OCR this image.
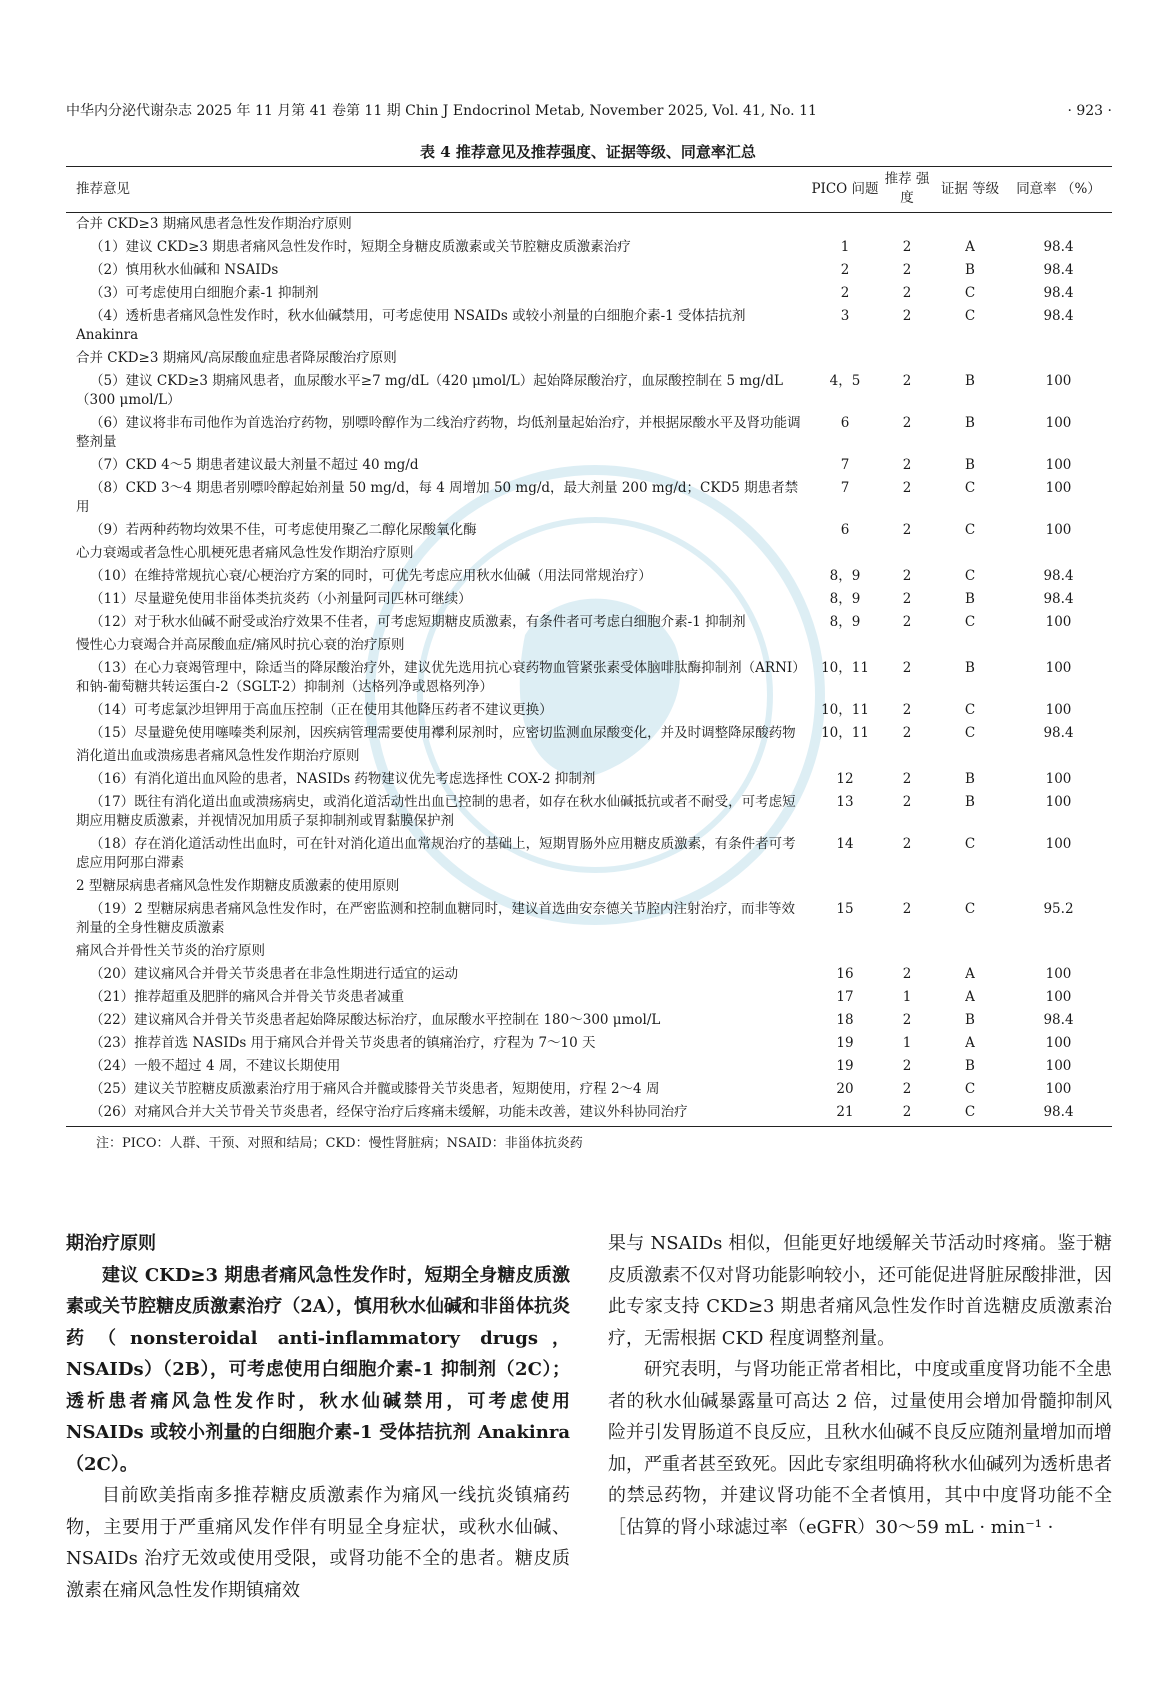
中华内分泌代谢杂志 2025 年 11 月第 41 卷第 11 期 Chin J Endocrinol Metab, November 2025, Vol. 41, No. 11	· 923 ·
表 4 推荐意见及推荐强度、证据等级、同意率汇总
推荐意见	PICO 问题	推荐 强度	证据 等级	同意率 （%）
合并 CKD≥3 期痛风患者急性发作期治疗原则				
（1）建议 CKD≥3 期患者痛风急性发作时，短期全身糖皮质激素或关节腔糖皮质激素治疗	1	2	A	98.4
（2）慎用秋水仙碱和 NSAIDs	2	2	B	98.4
（3）可考虑使用白细胞介素-1 抑制剂	2	2	C	98.4
（4）透析患者痛风急性发作时，秋水仙碱禁用，可考虑使用 NSAIDs 或较小剂量的白细胞介素-1 受体拮抗剂 Anakinra	3	2	C	98.4
合并 CKD≥3 期痛风/高尿酸血症患者降尿酸治疗原则				
（5）建议 CKD≥3 期痛风患者，血尿酸水平≥7 mg/dL（420 μmol/L）起始降尿酸治疗，血尿酸控制在 5 mg/dL（300 μmol/L）	4，5	2	B	100
（6）建议将非布司他作为首选治疗药物，别嘌呤醇作为二线治疗药物，均低剂量起始治疗，并根据尿酸水平及肾功能调整剂量	6	2	B	100
（7）CKD 4～5 期患者建议最大剂量不超过 40 mg/d	7	2	B	100
（8）CKD 3～4 期患者别嘌呤醇起始剂量 50 mg/d，每 4 周增加 50 mg/d，最大剂量 200 mg/d；CKD5 期患者禁用	7	2	C	100
（9）若两种药物均效果不佳，可考虑使用聚乙二醇化尿酸氧化酶	6	2	C	100
心力衰竭或者急性心肌梗死患者痛风急性发作期治疗原则				
（10）在维持常规抗心衰/心梗治疗方案的同时，可优先考虑应用秋水仙碱（用法同常规治疗）	8，9	2	C	98.4
（11）尽量避免使用非甾体类抗炎药（小剂量阿司匹林可继续）	8，9	2	B	98.4
（12）对于秋水仙碱不耐受或治疗效果不佳者，可考虑短期糖皮质激素，有条件者可考虑白细胞介素-1 抑制剂	8，9	2	C	100
慢性心力衰竭合并高尿酸血症/痛风时抗心衰的治疗原则				
（13）在心力衰竭管理中，除适当的降尿酸治疗外，建议优先选用抗心衰药物血管紧张素受体脑啡肽酶抑制剂（ARNI）和钠-葡萄糖共转运蛋白-2（SGLT-2）抑制剂（达格列净或恩格列净）	10，11	2	B	100
（14）可考虑氯沙坦钾用于高血压控制（正在使用其他降压药者不建议更换）	10，11	2	C	100
（15）尽量避免使用噻嗪类利尿剂，因疾病管理需要使用襻利尿剂时，应密切监测血尿酸变化，并及时调整降尿酸药物	10，11	2	C	98.4
消化道出血或溃疡患者痛风急性发作期治疗原则				
（16）有消化道出血风险的患者，NASIDs 药物建议优先考虑选择性 COX-2 抑制剂	12	2	B	100
（17）既往有消化道出血或溃疡病史，或消化道活动性出血已控制的患者，如存在秋水仙碱抵抗或者不耐受，可考虑短期应用糖皮质激素，并视情况加用质子泵抑制剂或胃黏膜保护剂	13	2	B	100
（18）存在消化道活动性出血时，可在针对消化道出血常规治疗的基础上，短期胃肠外应用糖皮质激素，有条件者可考虑应用阿那白滞素	14	2	C	100
2 型糖尿病患者痛风急性发作期糖皮质激素的使用原则				
（19）2 型糖尿病患者痛风急性发作时，在严密监测和控制血糖同时，建议首选曲安奈德关节腔内注射治疗，而非等效剂量的全身性糖皮质激素	15	2	C	95.2
痛风合并骨性关节炎的治疗原则				
（20）建议痛风合并骨关节炎患者在非急性期进行适宜的运动	16	2	A	100
（21）推荐超重及肥胖的痛风合并骨关节炎患者减重	17	1	A	100
（22）建议痛风合并骨关节炎患者起始降尿酸达标治疗，血尿酸水平控制在 180～300 μmol/L	18	2	B	98.4
（23）推荐首选 NASIDs 用于痛风合并骨关节炎患者的镇痛治疗，疗程为 7～10 天	19	1	A	100
（24）一般不超过 4 周，不建议长期使用	19	2	B	100
（25）建议关节腔糖皮质激素治疗用于痛风合并髋或膝骨关节炎患者，短期使用，疗程 2～4 周	20	2	C	100
（26）对痛风合并大关节骨关节炎患者，经保守治疗后疼痛未缓解，功能未改善，建议外科协同治疗	21	2	C	98.4
注：PICO：人群、干预、对照和结局；CKD：慢性肾脏病；NSAID：非甾体抗炎药

期治疗原则

建议 CKD≥3 期患者痛风急性发作时，短期全身糖皮质激素或关节腔糖皮质激素治疗（2A），慎用秋水仙碱和非甾体抗炎药（nonsteroidal anti-inflammatory drugs，NSAIDs）（2B），可考虑使用白细胞介素-1 抑制剂（2C）；透析患者痛风急性发作时，秋水仙碱禁用，可考虑使用 NSAIDs 或较小剂量的白细胞介素-1 受体拮抗剂 Anakinra（2C）。

目前欧美指南多推荐糖皮质激素作为痛风一线抗炎镇痛药物，主要用于严重痛风发作伴有明显全身症状，或秋水仙碱、NSAIDs 治疗无效或使用受限，或肾功能不全的患者。糖皮质激素在痛风急性发作期镇痛效

果与 NSAIDs 相似，但能更好地缓解关节活动时疼痛。鉴于糖皮质激素不仅对肾功能影响较小，还可能促进肾脏尿酸排泄，因此专家支持 CKD≥3 期患者痛风急性发作时首选糖皮质激素治疗，无需根据 CKD 程度调整剂量。

研究表明，与肾功能正常者相比，中度或重度肾功能不全患者的秋水仙碱暴露量可高达 2 倍，过量使用会增加骨髓抑制风险并引发胃肠道不良反应，且秋水仙碱不良反应随剂量增加而增加，严重者甚至致死。因此专家组明确将秋水仙碱列为透析患者的禁忌药物，并建议肾功能不全者慎用，其中中度肾功能不全［估算的肾小球滤过率（eGFR）30～59 mL · min⁻¹ ·
